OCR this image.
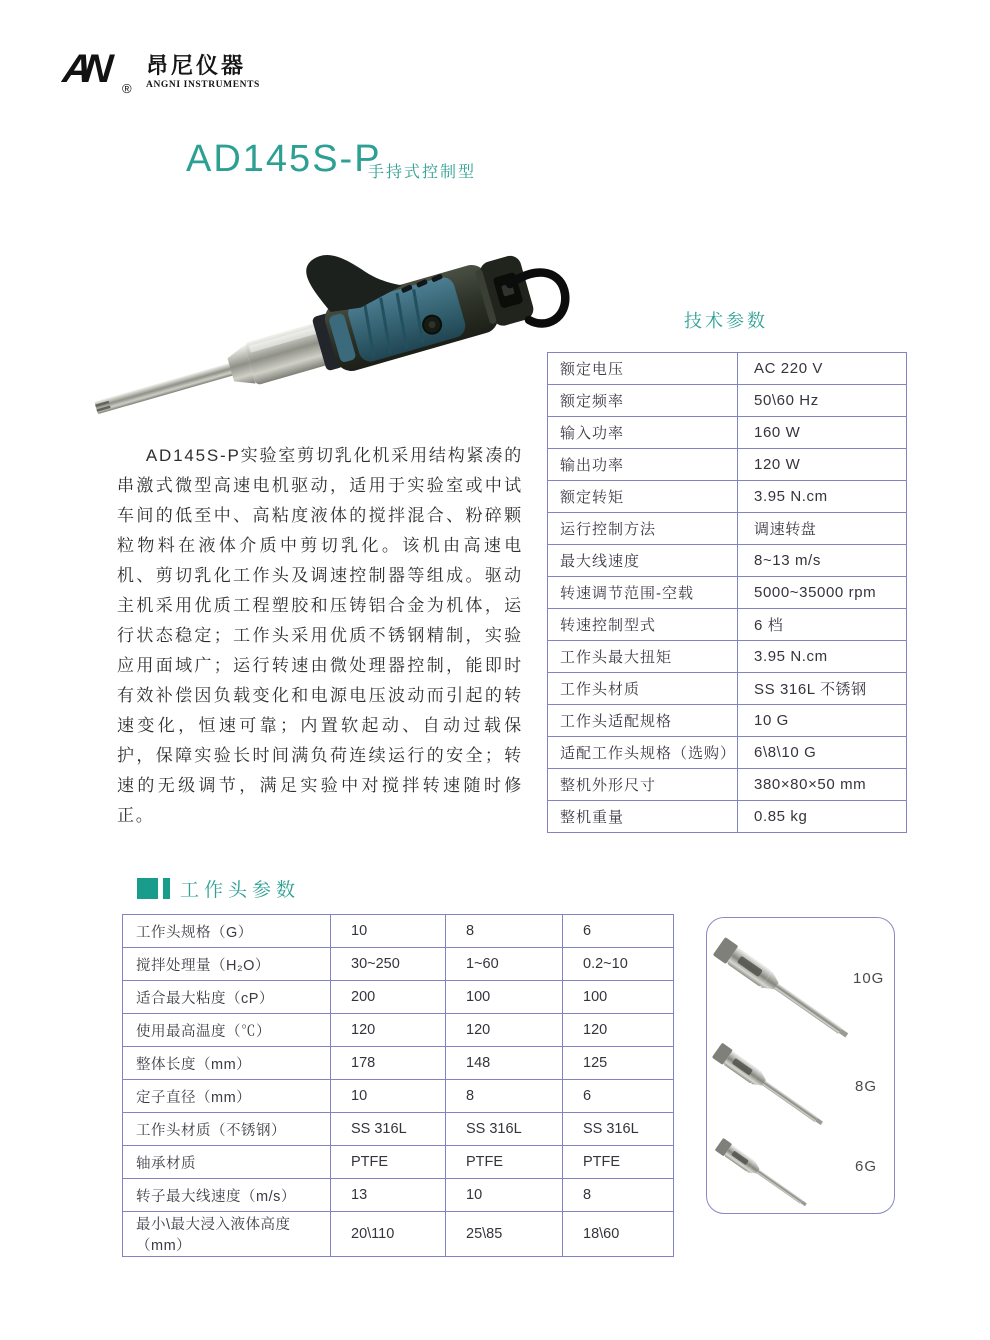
AN	®
昂尼仪器
ANGNI INSTRUMENTS
AD145S-P
手持式控制型

AD145S-P实验室剪切乳化机采用结构紧凑的串激式微型高速电机驱动，适用于实验室或中试车间的低至中、高粘度液体的搅拌混合、粉碎颗粒物料在液体介质中剪切乳化。该机由高速电机、剪切乳化工作头及调速控制器等组成。驱动主机采用优质工程塑胶和压铸铝合金为机体，运行状态稳定；工作头采用优质不锈钢精制，实验应用面域广；运行转速由微处理器控制，能即时有效补偿因负载变化和电源电压波动而引起的转速变化，恒速可靠；内置软起动、自动过载保护，保障实验长时间满负荷连续运行的安全；转速的无级调节，满足实验中对搅拌转速随时修正。

技术参数
额定电压	AC 220 V
额定频率	50\60 Hz
输入功率	160 W
输出功率	120 W
额定转矩	3.95 N.cm
运行控制方法	调速转盘
最大线速度	8~13 m/s
转速调节范围-空载	5000~35000 rpm
转速控制型式	6 档
工作头最大扭矩	3.95 N.cm
工作头材质	SS 316L 不锈钢
工作头适配规格	10 G
适配工作头规格（选购）	6\8\10 G
整机外形尺寸	380×80×50 mm
整机重量	0.85 kg
工作头参数
工作头规格（G）	10	8	6
搅拌处理量（H₂O）	30~250	1~60	0.2~10
适合最大粘度（cP）	200	100	100
使用最高温度（℃）	120	120	120
整体长度（mm）	178	148	125
定子直径（mm）	10	8	6
工作头材质（不锈钢）	SS 316L	SS 316L	SS 316L
轴承材质	PTFE	PTFE	PTFE
转子最大线速度（m/s）	13	10	8
最小\最大浸入液体高度（mm）	20\110	25\85	18\60
10G
8G
6G
